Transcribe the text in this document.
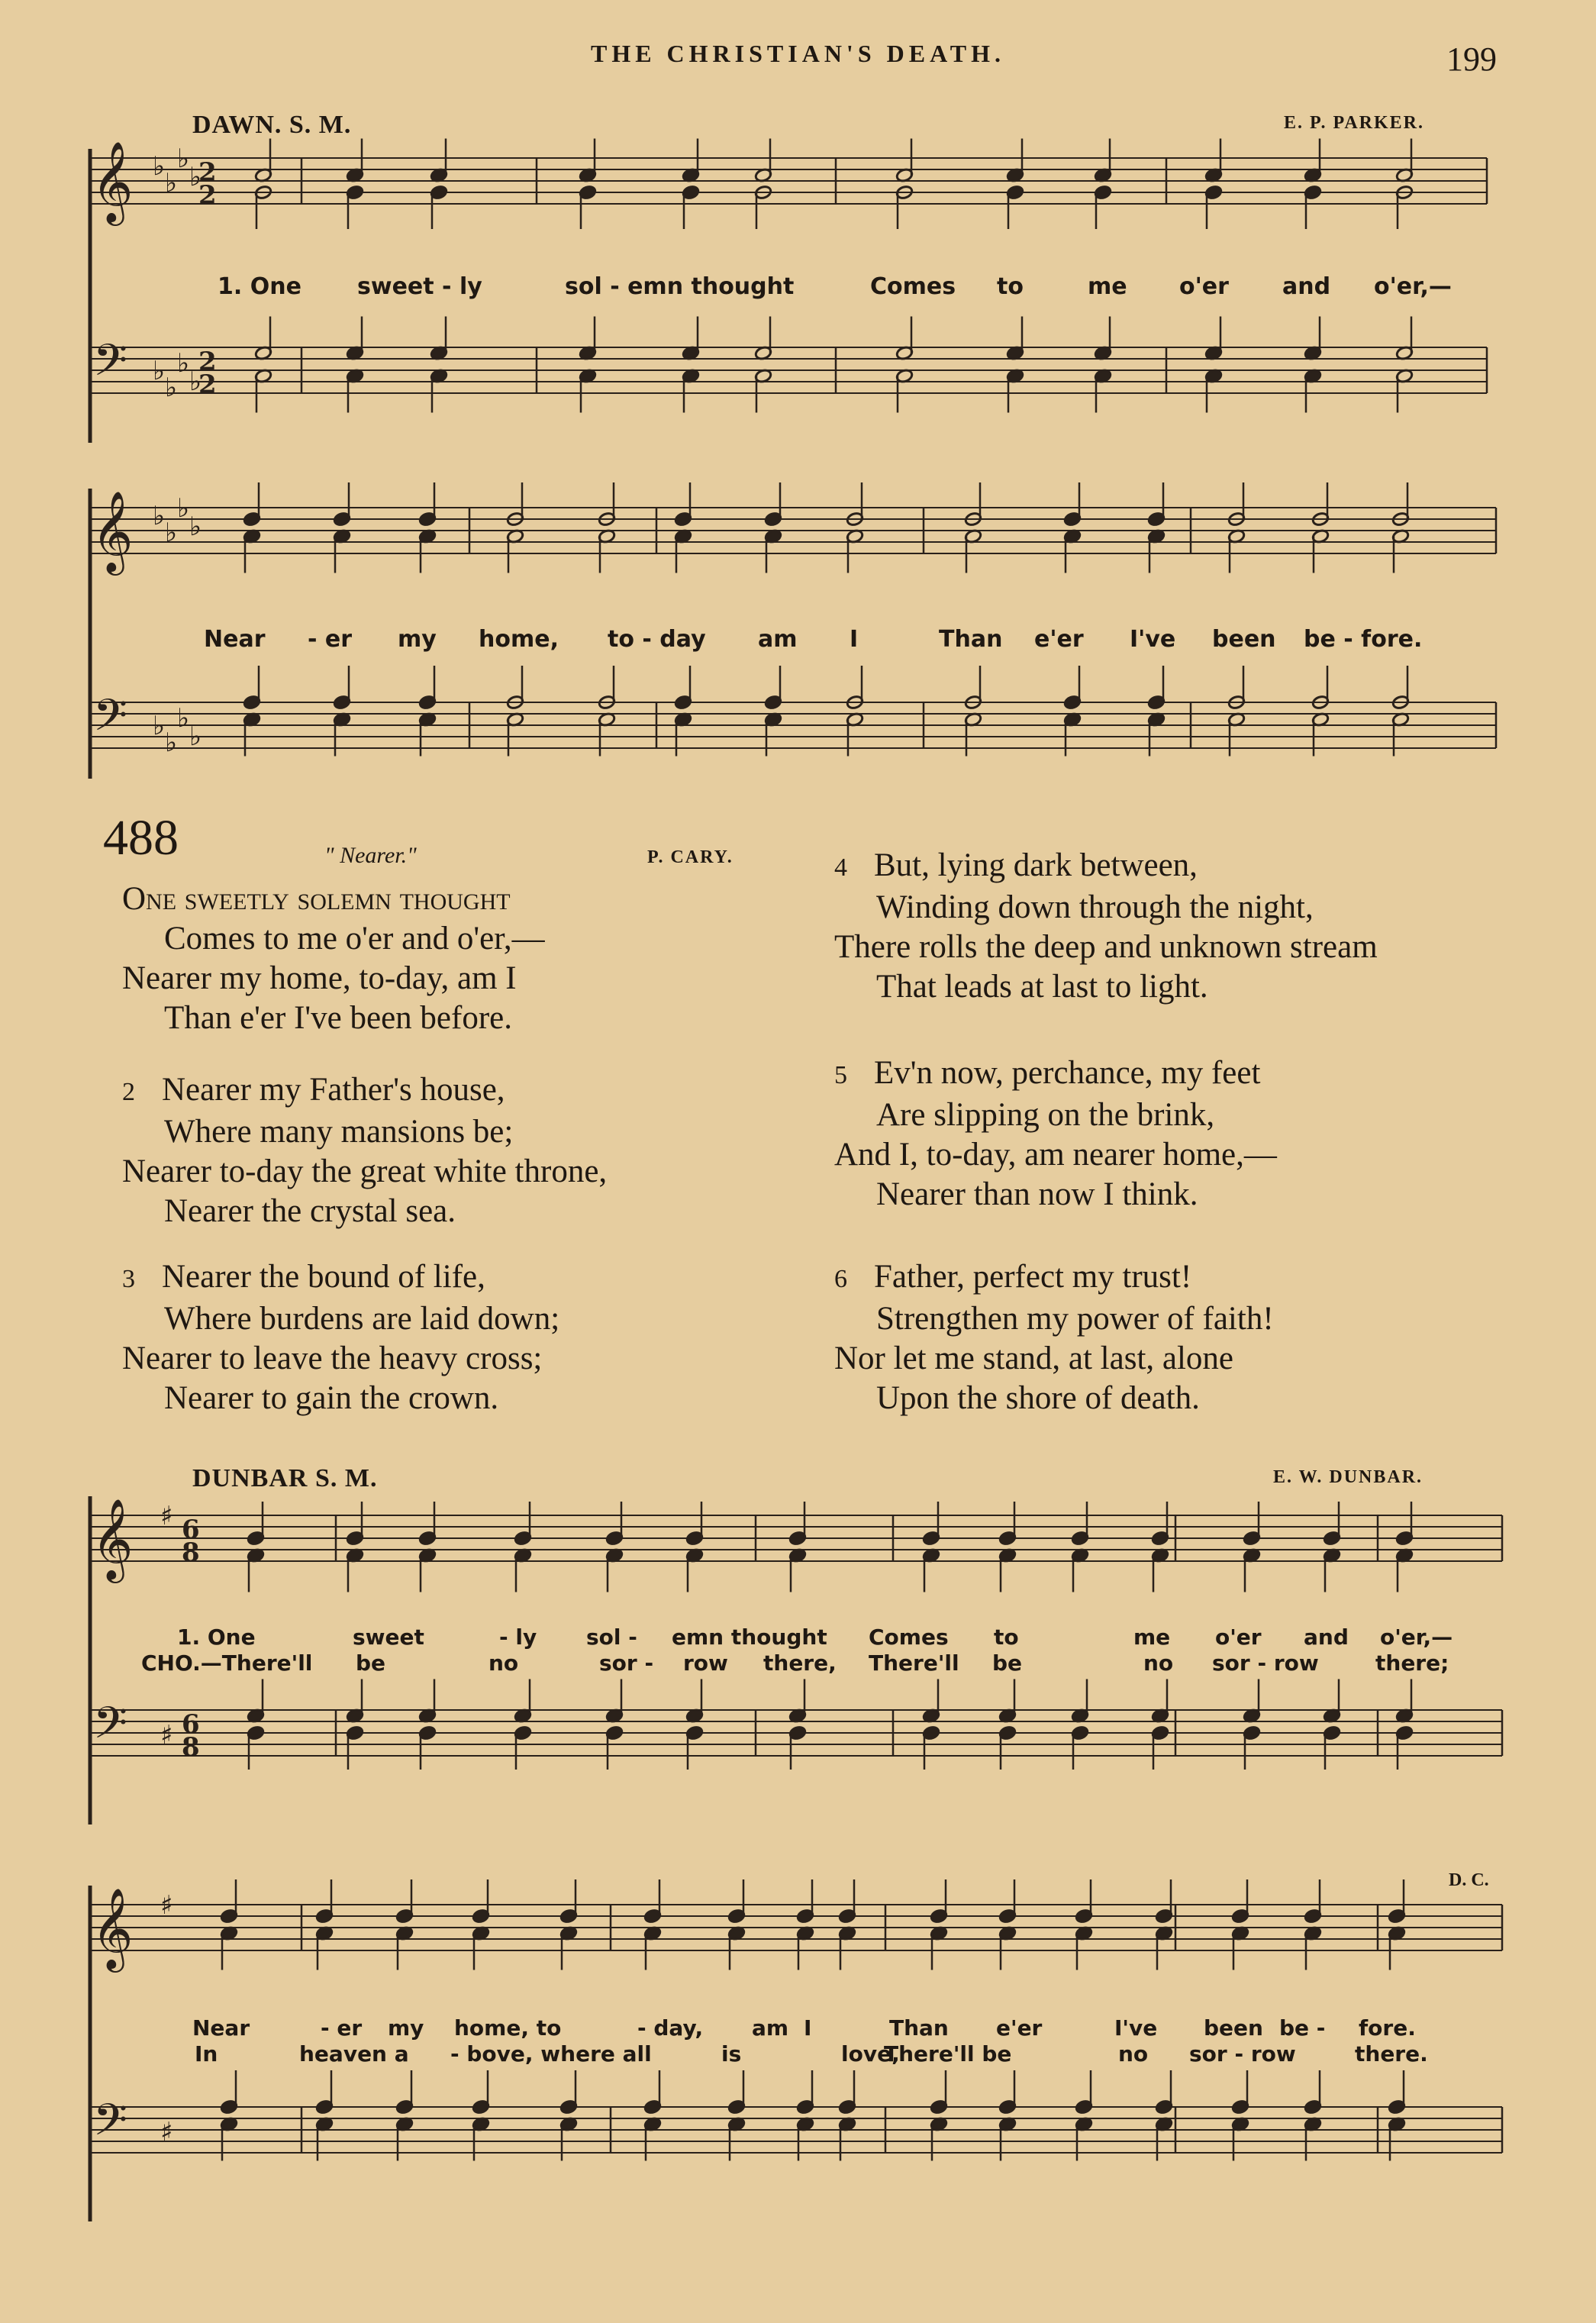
THE CHRISTIAN'S DEATH.	199
DAWN. S. M.	E. P. PARKER.
𝄞 ♭
♭
♭
♭
2
2
𝄢 ♭
♭
♭
♭
2
2
𝄞 ♭
♭
♭
♭
𝄢 ♭
♭
♭
♭
𝄞 ♯ 6
8
𝄢 ♯ 6
8
𝄞 ♯
𝄢 ♯
1. One sweet - ly	sol - emn thought	Comes to	me o'er and o'er,—
Near - er my home, to - day am I	Than e'er I've been be - fore.
488	" Nearer."	P. CARY.
One sweetly solemn thought
Comes to me o'er and o'er,—
Nearer my home, to-day, am I
Than e'er I've been before.
2 Nearer my Father's house,
Where many mansions be;
Nearer to-day the great white throne,
Nearer the crystal sea.
3 Nearer the bound of life,
Where burdens are laid down;
Nearer to leave the heavy cross;
Nearer to gain the crown.
4 But, lying dark between,
Winding down through the night,
There rolls the deep and unknown stream
That leads at last to light.
5 Ev'n now, perchance, my feet
Are slipping on the brink,
And I, to-day, am nearer home,—
Nearer than now I think.
6 Father, perfect my trust!
Strengthen my power of faith!
Nor let me stand, at last, alone
Upon the shore of death.
DUNBAR S. M.	E. W. DUNBAR.
1. One	sweet	- ly sol - emn thought Comes to	me o'er and o'er,—
CHO.—There'll be	no	sor - row there, There'll be	no sor - row	there;
Near	- er my home, to	- day, am I	Than e'er	I've been be - fore.
In	heaven a - bove, where all	is	love,
There'll be	no sor - row	there.
D. C.
